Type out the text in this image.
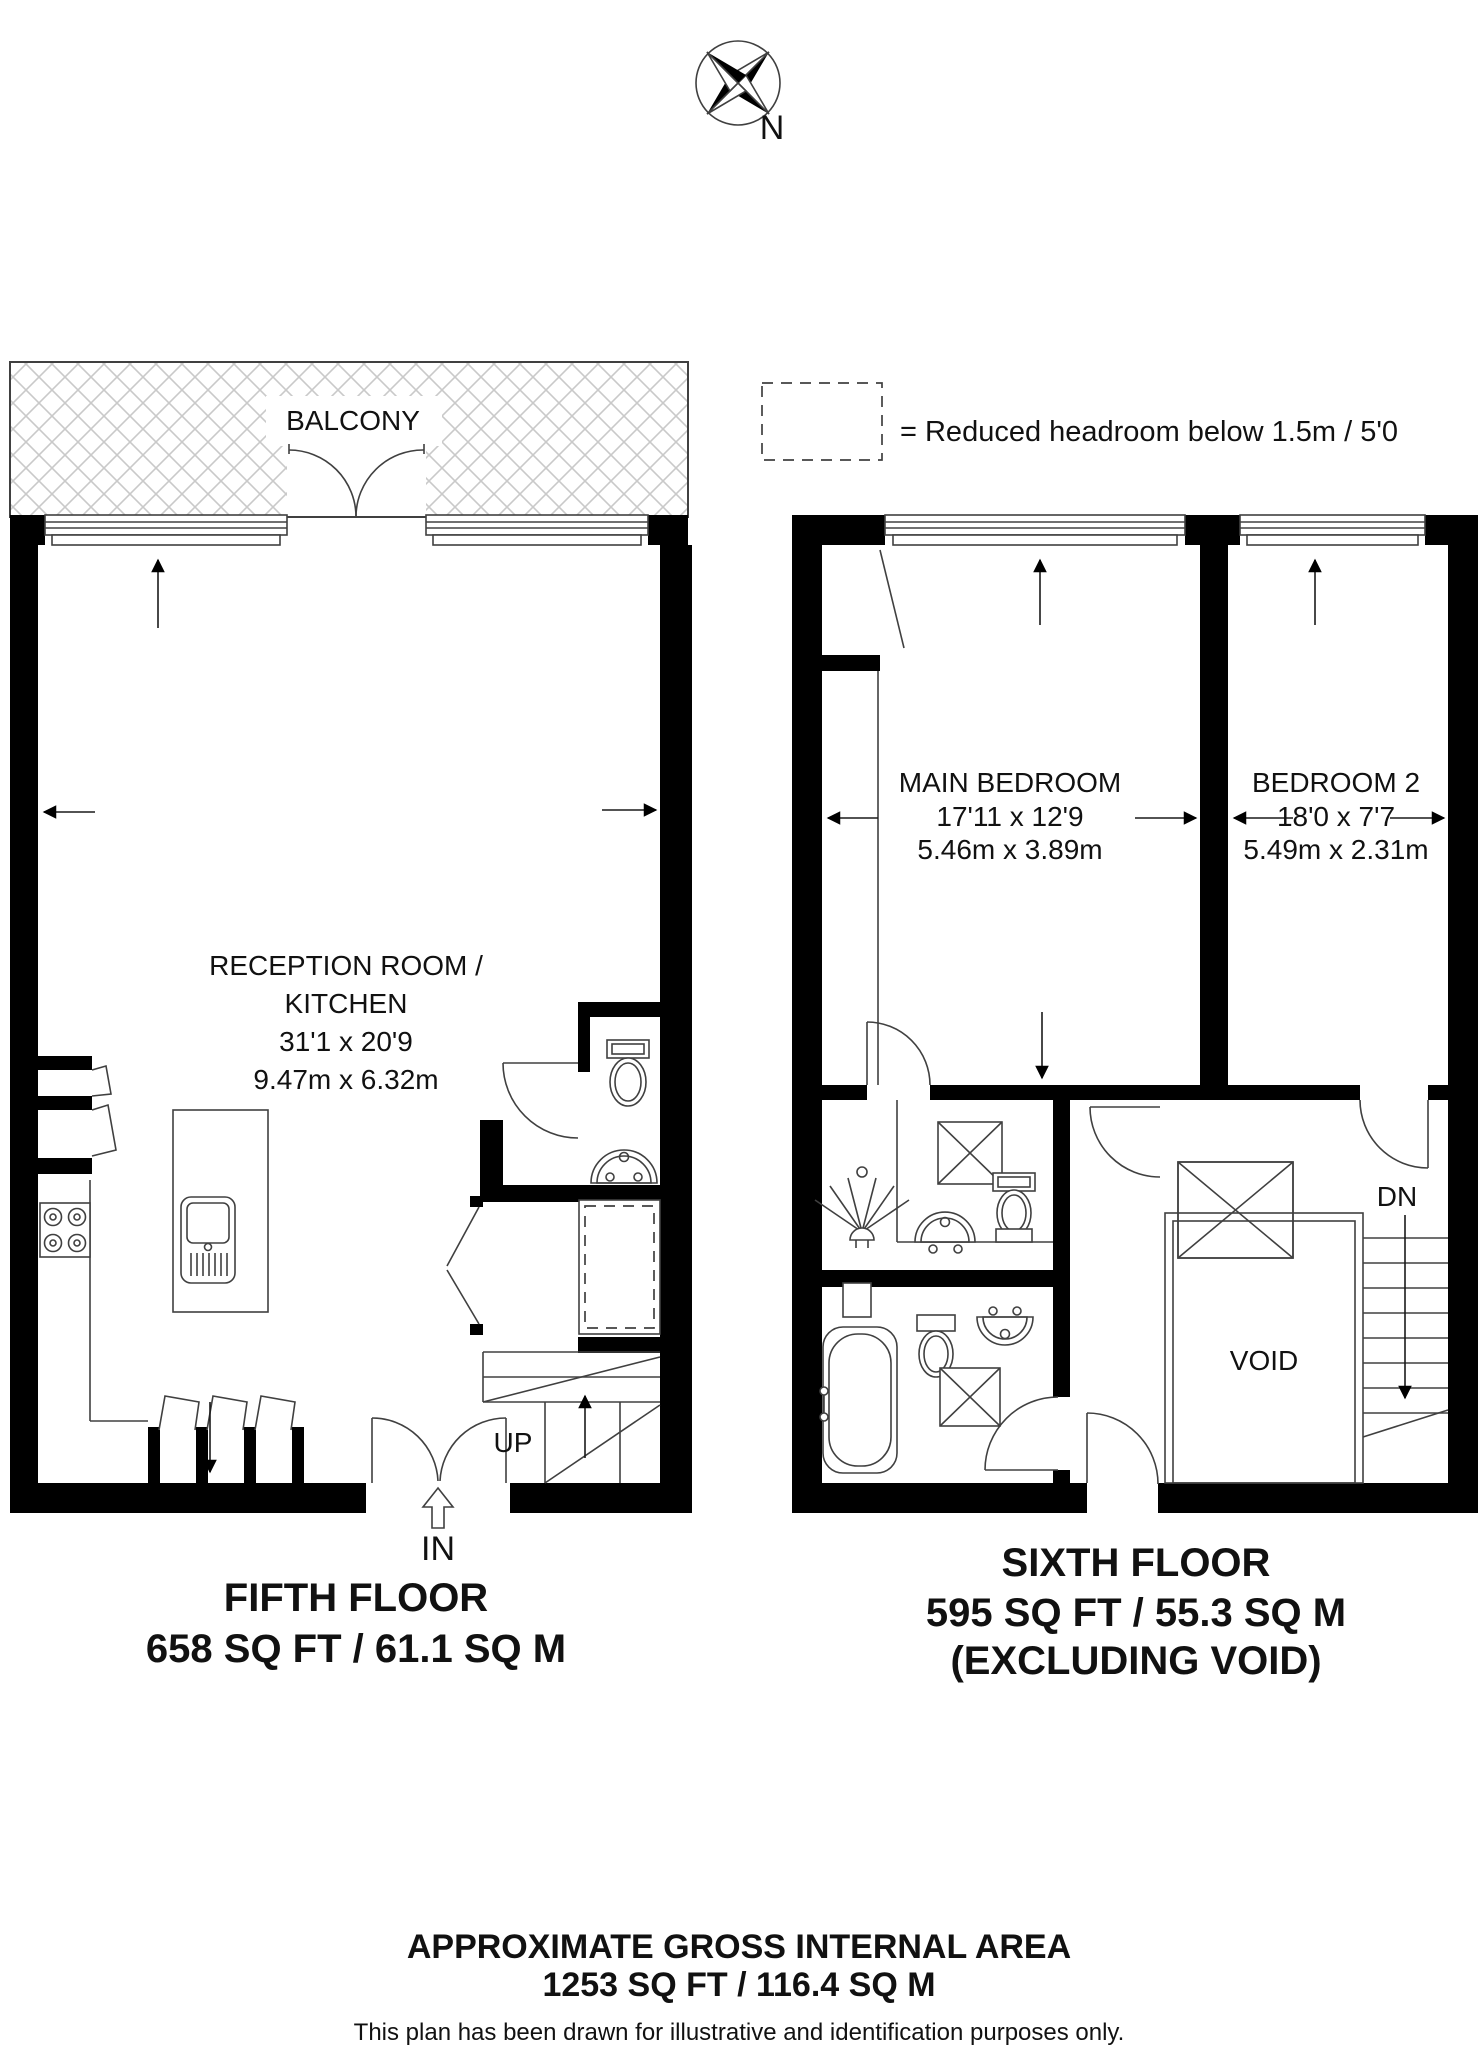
N
= Reduced headroom below 1.5m / 5'0
BALCONY
RECEPTION ROOM /
KITCHEN
31'1 x 20'9
9.47m x 6.32m
UP
IN
FIFTH FLOOR
658 SQ FT / 61.1 SQ M
MAIN BEDROOM
17'11 x 12'9
5.46m x 3.89m
BEDROOM 2
18'0 x 7'7
5.49m x 2.31m
VOID
DN
SIXTH FLOOR
595 SQ FT / 55.3 SQ M
(EXCLUDING VOID)
APPROXIMATE GROSS INTERNAL AREA
1253 SQ FT / 116.4 SQ M
This plan has been drawn for illustrative and identification purposes only.
